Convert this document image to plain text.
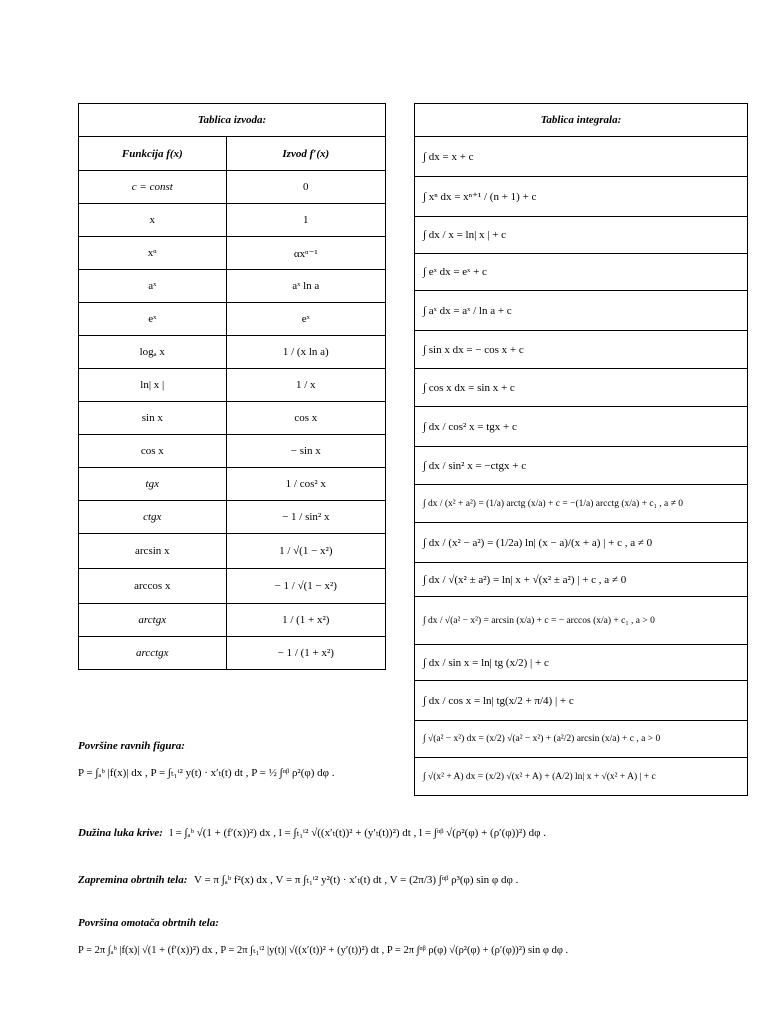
Tablica izvoda:	
Funkcija f(x)	Izvod f′(x)
c = const	0
x	1
xᵅ	αxᵅ⁻¹
aˣ	aˣ ln a
eˣ	eˣ
logₐ x	1 / (x ln a)
ln| x |	1 / x
sin x	cos x
cos x	− sin x
tgx	1 / cos² x
ctgx	− 1 / sin² x
arcsin x	1 / √(1 − x²)
arccos x	− 1 / √(1 − x²)
arctgx	1 / (1 + x²)
arcctgx	− 1 / (1 + x²)
Tablica integrala:
∫ dx = x + c
∫ xⁿ dx = xⁿ⁺¹ / (n + 1) + c
∫ dx / x = ln| x | + c
∫ eˣ dx = eˣ + c
∫ aˣ dx = aˣ / ln a + c
∫ sin x dx = − cos x + c
∫ cos x dx = sin x + c
∫ dx / cos² x = tgx + c
∫ dx / sin² x = −ctgx + c
∫ dx / (x² + a²) = (1/a) arctg (x/a) + c = −(1/a) arcctg (x/a) + c₁ , a ≠ 0
∫ dx / (x² − a²) = (1/2a) ln| (x − a)/(x + a) | + c , a ≠ 0
∫ dx / √(x² ± a²) = ln| x + √(x² ± a²) | + c , a ≠ 0
∫ dx / √(a² − x²) = arcsin (x/a) + c = − arccos (x/a) + c₁ , a > 0
∫ dx / sin x = ln| tg (x/2) | + c
∫ dx / cos x = ln| tg(x/2 + π/4) | + c
∫ √(a² − x²) dx = (x/2) √(a² − x²) + (a²/2) arcsin (x/a) + c , a > 0
∫ √(x² + A) dx = (x/2) √(x² + A) + (A/2) ln| x + √(x² + A) | + c
Površine ravnih figura:
P = ∫ₐᵇ |f(x)| dx , P = ∫ₜ₁ᵗ² y(t) · x′ₜ(t) dt , P = ½ ∫ᵅᵝ ρ²(φ) dφ .
Dužina luka krive: l = ∫ₐᵇ √(1 + (f′(x))²) dx , l = ∫ₜ₁ᵗ² √((x′ₜ(t))² + (y′ₜ(t))²) dt , l = ∫ᵅᵝ √(ρ²(φ) + (ρ′(φ))²) dφ .
Zapremina obrtnih tela: V = π ∫ₐᵇ f²(x) dx , V = π ∫ₜ₁ᵗ² y²(t) · x′ₜ(t) dt , V = (2π/3) ∫ᵅᵝ ρ³(φ) sin φ dφ .
Površina omotača obrtnih tela:
P = 2π ∫ₐᵇ |f(x)| √(1 + (f′(x))²) dx , P = 2π ∫ₜ₁ᵗ² |y(t)| √((x′(t))² + (y′(t))²) dt , P = 2π ∫ᵅᵝ ρ(φ) √(ρ²(φ) + (ρ′(φ))²) sin φ dφ .
